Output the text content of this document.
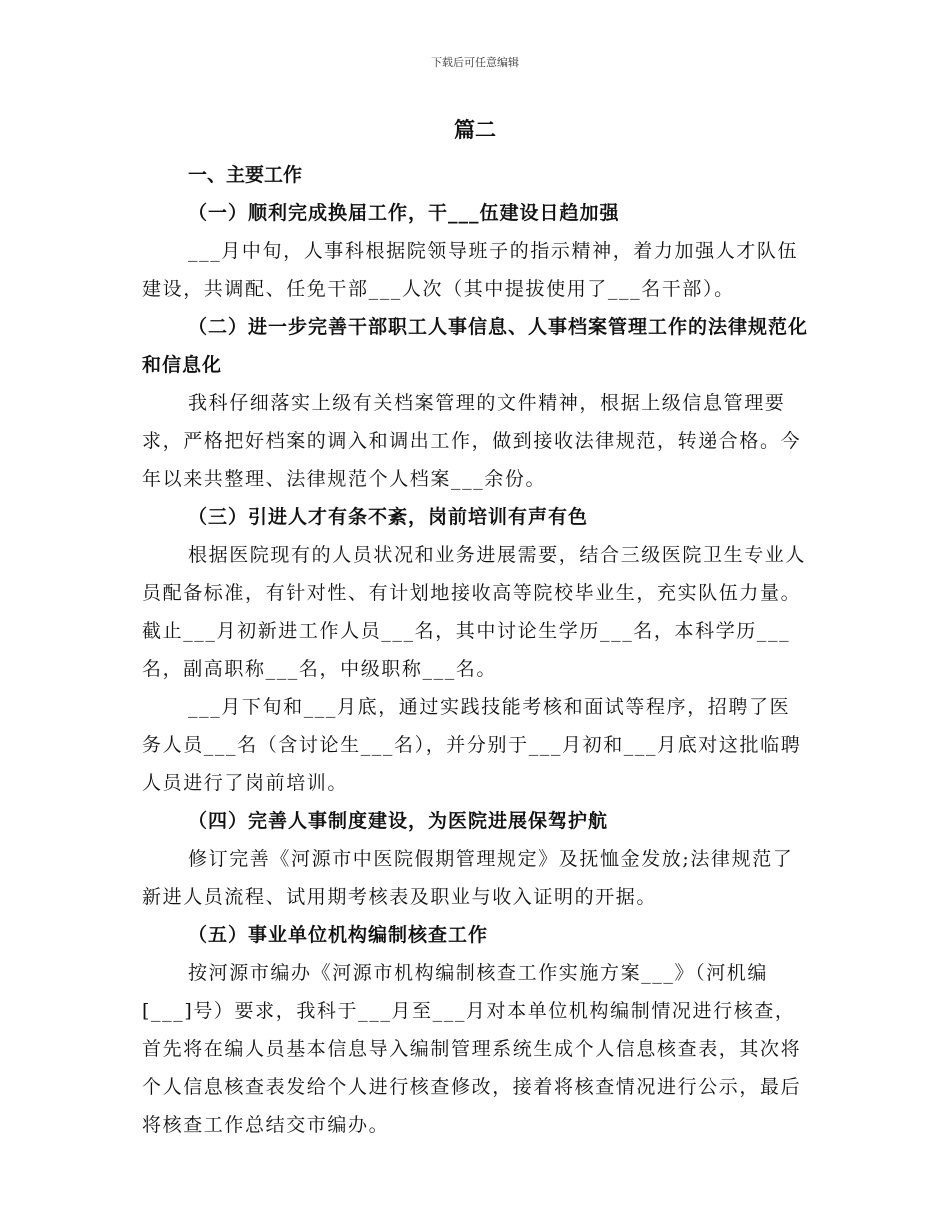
下载后可任意编辑
篇二

一、主要工作

（一）顺利完成换届工作，干___伍建设日趋加强

___月中旬，人事科根据院领导班子的指示精神，着力加强人才队伍建设，共调配、任免干部___人次（其中提拔使用了___名干部）。

（二）进一步完善干部职工人事信息、人事档案管理工作的法律规范化和信息化

我科仔细落实上级有关档案管理的文件精神，根据上级信息管理要求，严格把好档案的调入和调出工作，做到接收法律规范，转递合格。今年以来共整理、法律规范个人档案___余份。

（三）引进人才有条不紊，岗前培训有声有色

根据医院现有的人员状况和业务进展需要，结合三级医院卫生专业人员配备标准，有针对性、有计划地接收高等院校毕业生，充实队伍力量。截止___月初新进工作人员___名，其中讨论生学历___名，本科学历___名，副高职称___名，中级职称___名。

___月下旬和___月底，通过实践技能考核和面试等程序，招聘了医务人员___名（含讨论生___名），并分别于___月初和___月底对这批临聘人员进行了岗前培训。

（四）完善人事制度建设，为医院进展保驾护航

修订完善《河源市中医院假期管理规定》及抚恤金发放;法律规范了新进人员流程、试用期考核表及职业与收入证明的开据。

（五）事业单位机构编制核查工作

按河源市编办《河源市机构编制核查工作实施方案___》（河机编[___]号）要求，我科于___月至___月对本单位机构编制情况进行核查，首先将在编人员基本信息导入编制管理系统生成个人信息核查表，其次将个人信息核查表发给个人进行核查修改，接着将核查情况进行公示，最后将核查工作总结交市编办。
